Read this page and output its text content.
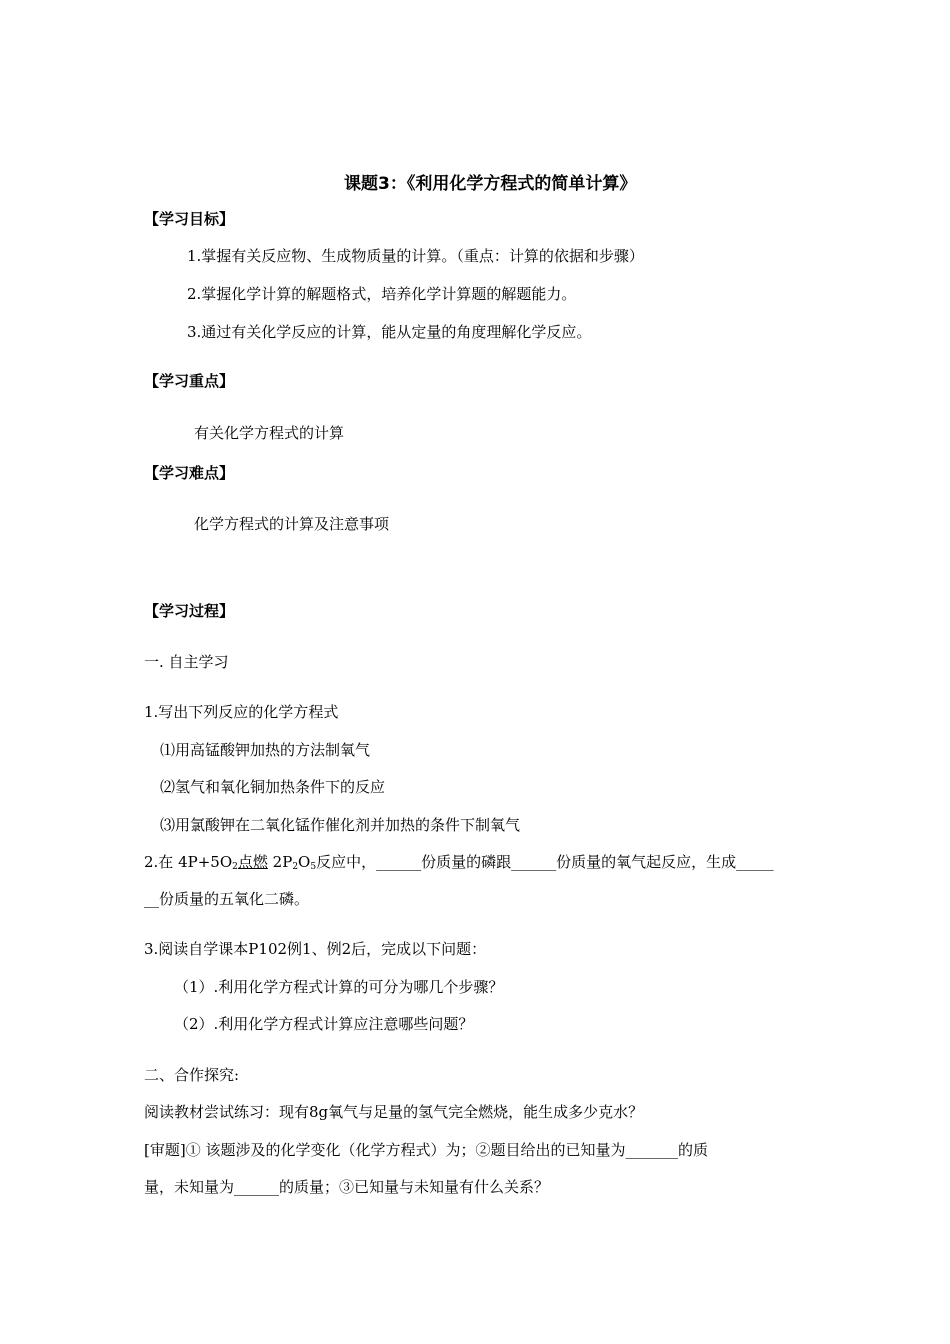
课题3：《利用化学方程式的简单计算》
【学习目标】
1.掌握有关反应物、生成物质量的计算。（重点：计算的依据和步骤）
2.掌握化学计算的解题格式，培养化学计算题的解题能力。
3.通过有关化学反应的计算，能从定量的角度理解化学反应。
【学习重点】
有关化学方程式的计算
【学习难点】
化学方程式的计算及注意事项
【学习过程】
一. 自主学习
1.写出下列反应的化学方程式
⑴用高锰酸钾加热的方法制氧气
⑵氢气和氧化铜加热条件下的反应
⑶用氯酸钾在二氧化锰作催化剂并加热的条件下制氧气
2.在 $4P+5O_2$点燃 $2P_2O_5$反应中，______份质量的磷跟______份质量的氧气起反应，生成_____
__份质量的五氧化二磷。
3.阅读自学课本P102例1、例2后，完成以下问题：
（1）.利用化学方程式计算的可分为哪几个步骤？
（2）.利用化学方程式计算应注意哪些问题？
二、合作探究:
阅读教材尝试练习：现有8g氧气与足量的氢气完全燃烧，能生成多少克水？
[审题]① 该题涉及的化学变化（化学方程式）为；②题目给出的已知量为_______的质
量，未知量为______的质量；③已知量与未知量有什么关系？
